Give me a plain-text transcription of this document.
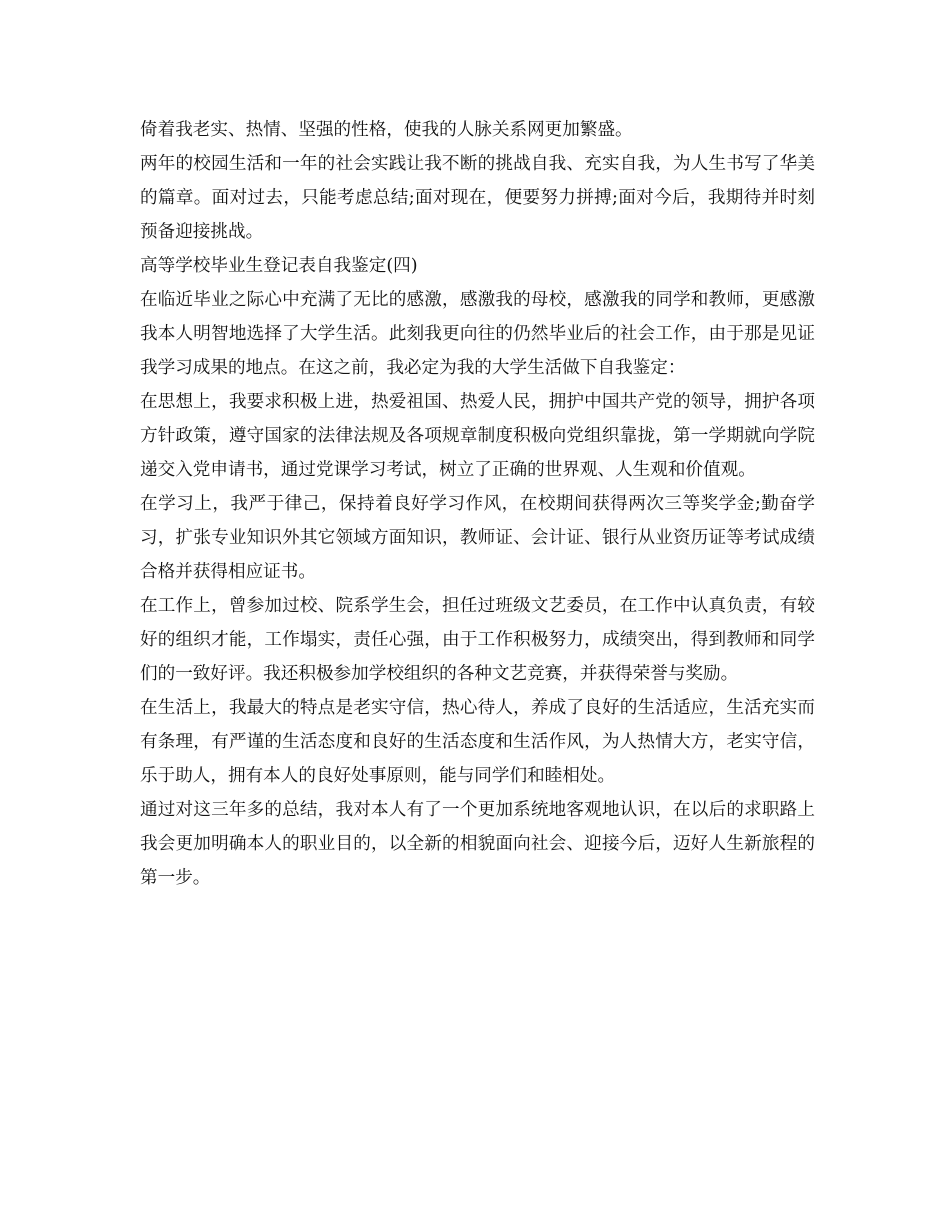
倚着我老实、热情、坚强的性格，使我的人脉关系网更加繁盛。

两年的校园生活和一年的社会实践让我不断的挑战自我、充实自我，为人生书写了华美的篇章。面对过去，只能考虑总结;面对现在，便要努力拼搏;面对今后，我期待并时刻预备迎接挑战。

高等学校毕业生登记表自我鉴定(四)

在临近毕业之际心中充满了无比的感激，感激我的母校，感激我的同学和教师，更感激我本人明智地选择了大学生活。此刻我更向往的仍然毕业后的社会工作，由于那是见证我学习成果的地点。在这之前，我必定为我的大学生活做下自我鉴定：

在思想上，我要求积极上进，热爱祖国、热爱人民，拥护中国共产党的领导，拥护各项方针政策，遵守国家的法律法规及各项规章制度积极向党组织靠拢，第一学期就向学院递交入党申请书，通过党课学习考试，树立了正确的世界观、人生观和价值观。

在学习上，我严于律己，保持着良好学习作风，在校期间获得两次三等奖学金;勤奋学习，扩张专业知识外其它领域方面知识，教师证、会计证、银行从业资历证等考试成绩合格并获得相应证书。

在工作上，曾参加过校、院系学生会，担任过班级文艺委员，在工作中认真负责，有较好的组织才能，工作塌实，责任心强，由于工作积极努力，成绩突出，得到教师和同学们的一致好评。我还积极参加学校组织的各种文艺竞赛，并获得荣誉与奖励。

在生活上，我最大的特点是老实守信，热心待人，养成了良好的生活适应，生活充实而有条理，有严谨的生活态度和良好的生活态度和生活作风，为人热情大方，老实守信，乐于助人，拥有本人的良好处事原则，能与同学们和睦相处。

通过对这三年多的总结，我对本人有了一个更加系统地客观地认识，在以后的求职路上我会更加明确本人的职业目的，以全新的相貌面向社会、迎接今后，迈好人生新旅程的第一步。
